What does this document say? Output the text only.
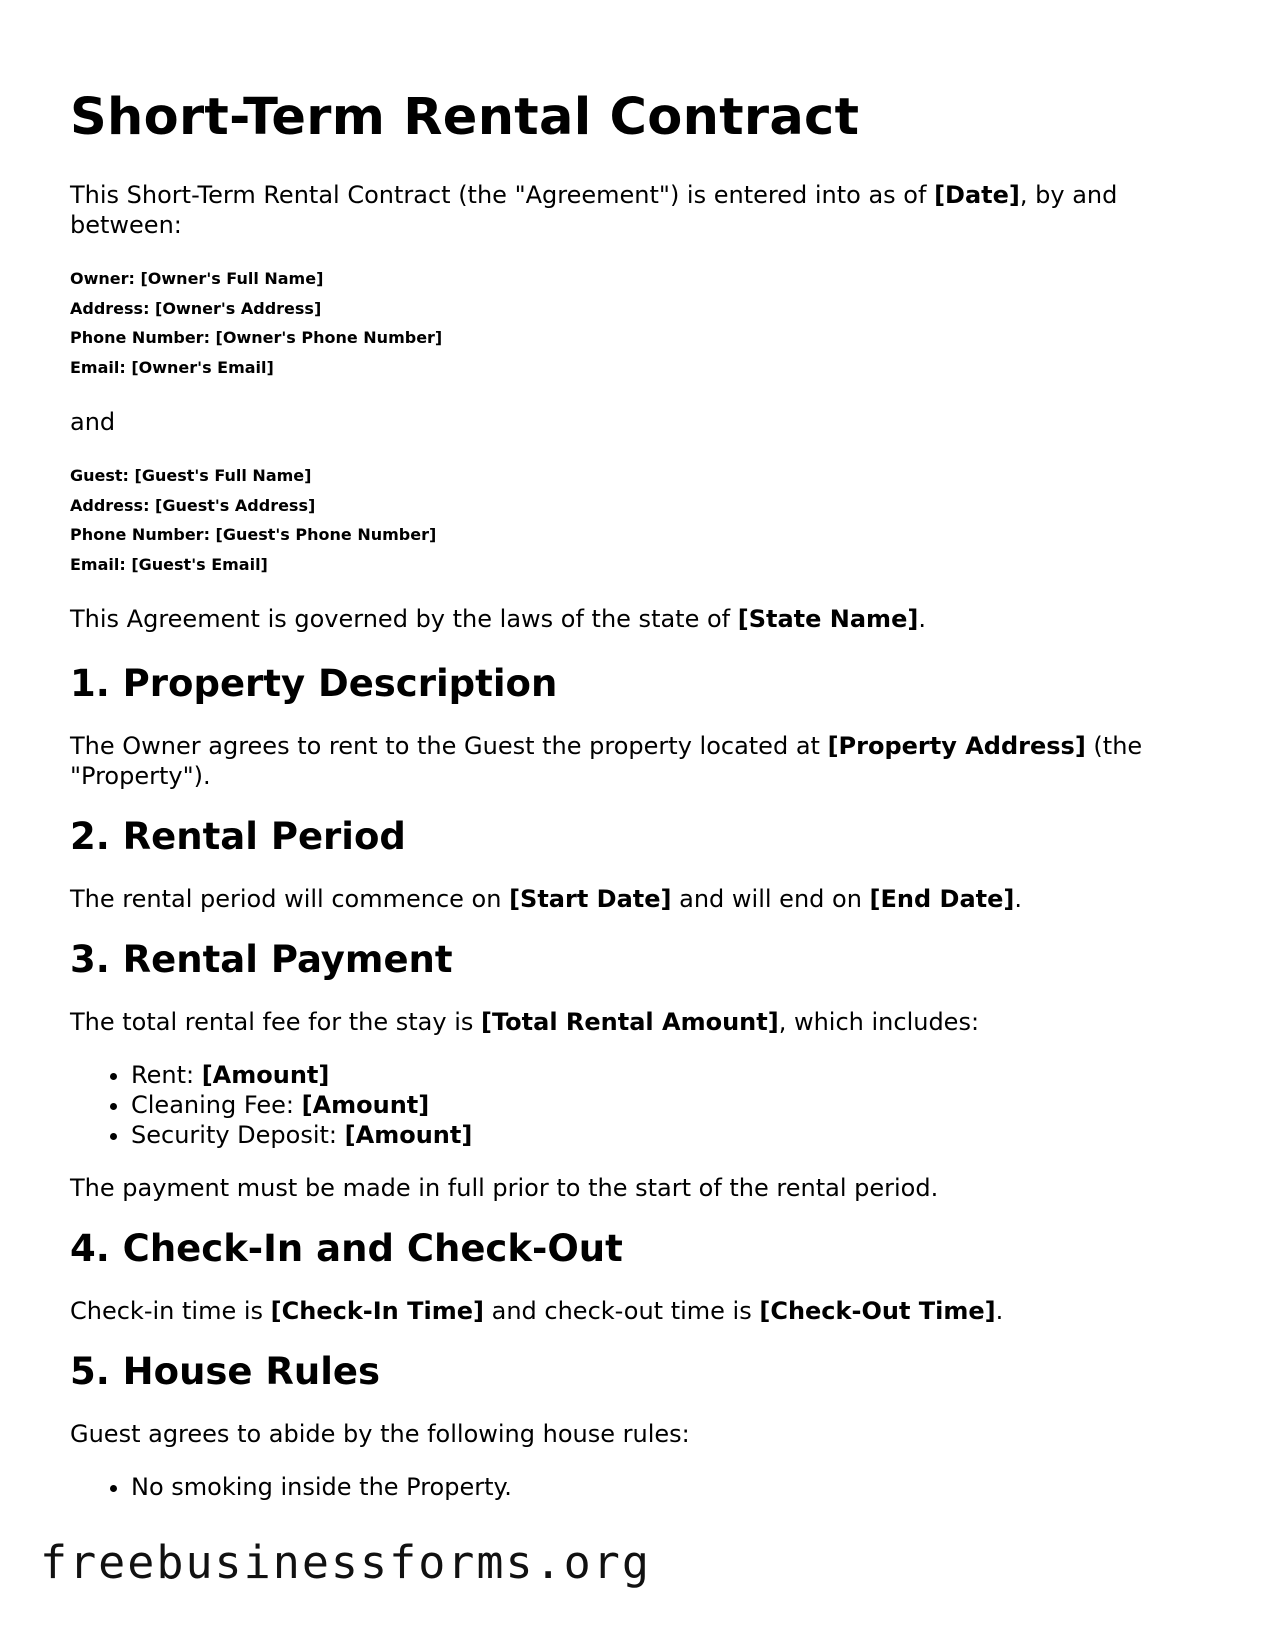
Short-Term Rental Contract

This Short-Term Rental Contract (the "Agreement") is entered into as of [Date], by and between:

Owner: [Owner's Full Name]
Address: [Owner's Address]
Phone Number: [Owner's Phone Number]
Email: [Owner's Email]

and

Guest: [Guest's Full Name]
Address: [Guest's Address]
Phone Number: [Guest's Phone Number]
Email: [Guest's Email]

This Agreement is governed by the laws of the state of [State Name].

1. Property Description

The Owner agrees to rent to the Guest the property located at [Property Address] (the "Property").

2. Rental Period

The rental period will commence on [Start Date] and will end on [End Date].

3. Rental Payment

The total rental fee for the stay is [Total Rental Amount], which includes:

• Rent: [Amount]
• Cleaning Fee: [Amount]
• Security Deposit: [Amount]

The payment must be made in full prior to the start of the rental period.

4. Check-In and Check-Out

Check-in time is [Check-In Time] and check-out time is [Check-Out Time].

5. House Rules

Guest agrees to abide by the following house rules:

• No smoking inside the Property.
freebusinessforms.org
